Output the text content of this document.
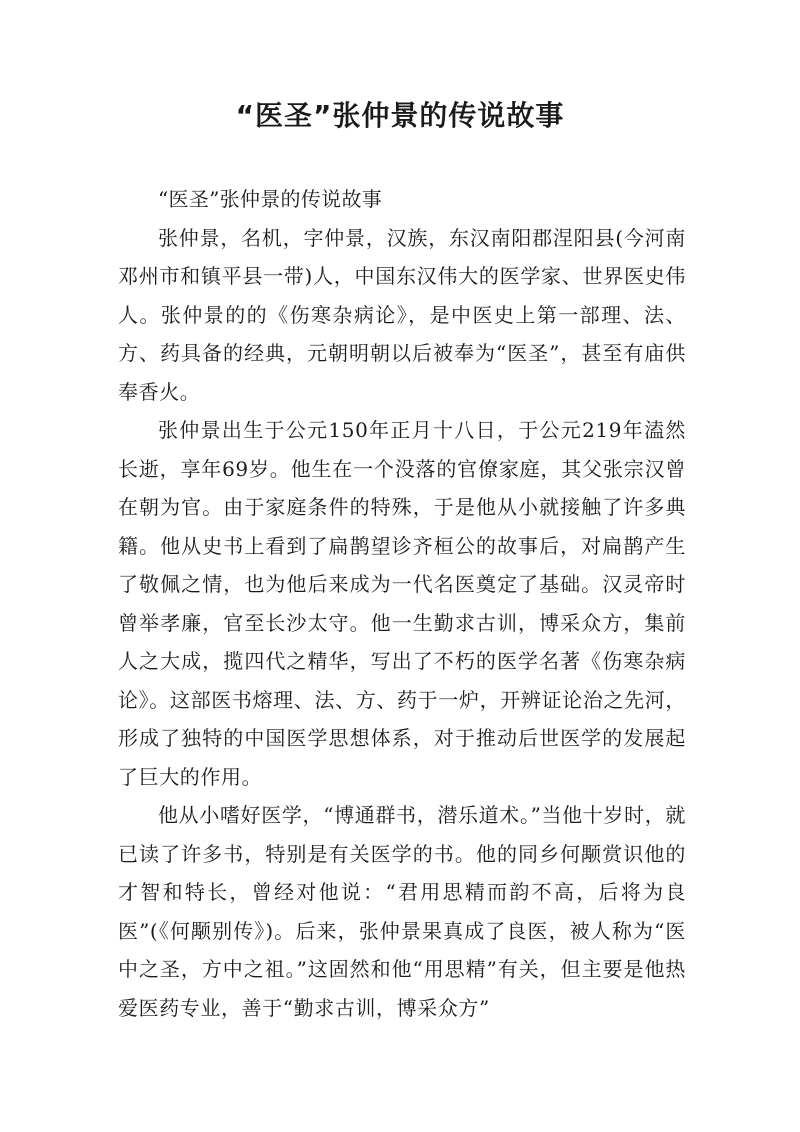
“医圣”张仲景的传说故事

“医圣”张仲景的传说故事

张仲景，名机，字仲景，汉族，东汉南阳郡涅阳县(今河南邓州市和镇平县一带)人，中国东汉伟大的医学家、世界医史伟人。张仲景的的《伤寒杂病论》，是中医史上第一部理、法、方、药具备的经典，元朝明朝以后被奉为“医圣”，甚至有庙供奉香火。

张仲景出生于公元150年正月十八日，于公元219年溘然长逝，享年69岁。他生在一个没落的官僚家庭，其父张宗汉曾在朝为官。由于家庭条件的特殊，于是他从小就接触了许多典籍。他从史书上看到了扁鹊望诊齐桓公的故事后，对扁鹊产生了敬佩之情，也为他后来成为一代名医奠定了基础。汉灵帝时曾举孝廉，官至长沙太守。他一生勤求古训，博采众方，集前人之大成，揽四代之精华，写出了不朽的医学名著《伤寒杂病论》。这部医书熔理、法、方、药于一炉，开辨证论治之先河，形成了独特的中国医学思想体系，对于推动后世医学的发展起了巨大的作用。

他从小嗜好医学，“博通群书，潜乐道术。”当他十岁时，就已读了许多书，特别是有关医学的书。他的同乡何颙赏识他的才智和特长，曾经对他说：“君用思精而韵不高，后将为良医”(《何颙别传》)。后来，张仲景果真成了良医，被人称为“医中之圣，方中之祖。”这固然和他“用思精”有关，但主要是他热爱医药专业，善于“勤求古训，博采众方”
